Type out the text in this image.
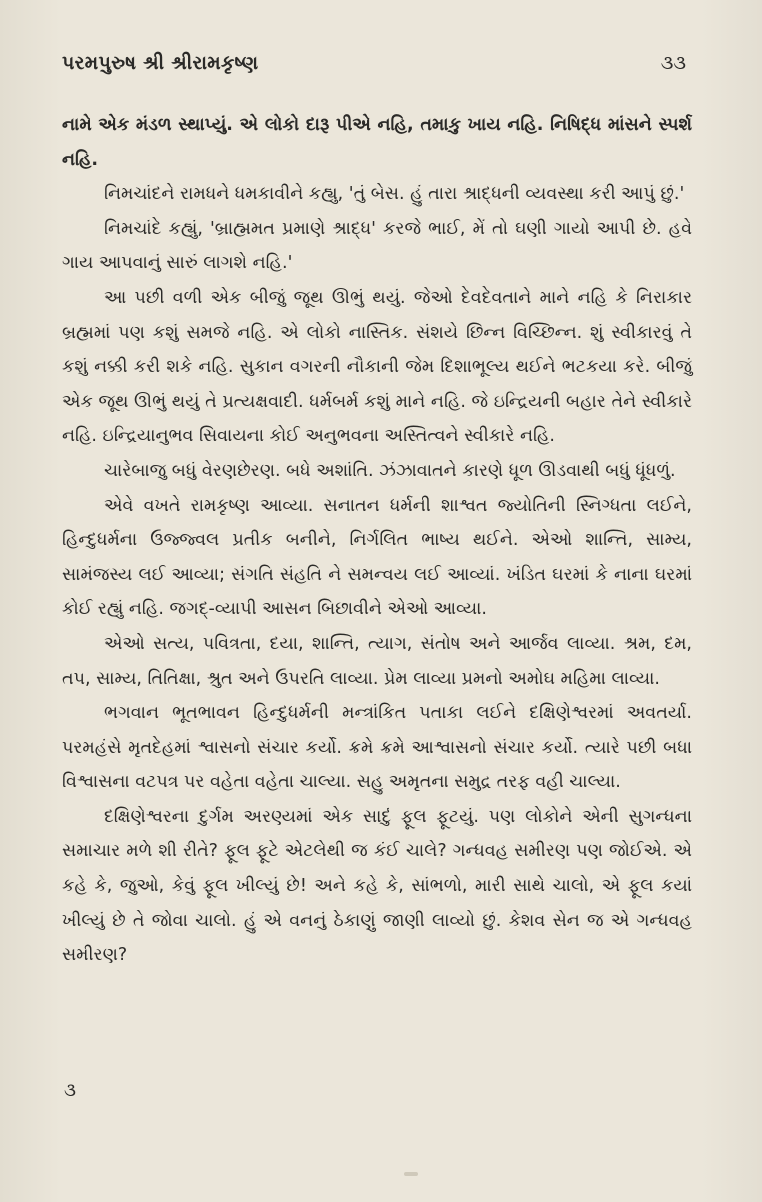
પરમપુરુષ શ્રી શ્રીરામકૃષ્ણ	૩૩

નામે એક મંડળ સ્થાપ્યું. એ લોકો દારૂ પીએ નહિ, તમાકુ ખાય નહિ. નિષિદ્ધ માંસને સ્પર્શ નહિ.

નિમચાંદને રામધને ધમકાવીને કહ્યુ, 'તું બેસ. હું તારા શ્રાદ્ધની વ્યવસ્થા કરી આપું છું.'

નિમચાંદે કહ્યું, 'બ્રાહ્મમત પ્રમાણે શ્રાદ્ધ' કરજે ભાઈ, મેં તો ઘણી ગાયો આપી છે. હવે ગાય આપવાનું સારું લાગશે નહિ.'

આ પછી વળી એક બીજું જૂથ ઊભું થયું. જેઓ દેવદેવતાને માને નહિ કે નિરાકાર બ્રહ્મમાં પણ કશું સમજે નહિ. એ લોકો નાસ્તિક. સંશયે છિન્ન વિચ્છિન્ન. શું સ્વીકારવું તે કશું નક્કી કરી શકે નહિ. સુકાન વગરની નૌકાની જેમ દિશાભૂલ્ય થઈને ભટકયા કરે. બીજું એક જૂથ ઊભું થયું તે પ્રત્યક્ષવાદી. ધર્મબર્મ કશું માને નહિ. જે ઇન્દ્રિયની બહાર તેને સ્વીકારે નહિ. ઇન્દ્રિયાનુભવ સિવાયના કોઈ અનુભવના અસ્તિત્વને સ્વીકારે નહિ.

ચારેબાજુ બધું વેરણછેરણ. બધે અશાંતિ. ઝંઝાવાતને કારણે ધૂળ ઊડવાથી બધું ધૂંધળું.

એવે વખતે રામકૃષ્ણ આવ્યા. સનાતન ધર્મની શાશ્વત જ્યોતિની સ્નિગ્ધતા લઈને, હિન્દુધર્મના ઉજ્જ્વલ પ્રતીક બનીને, નિર્ગલિત ભાષ્ય થઈને. એઓ શાન્તિ, સામ્ય, સામંજસ્ય લઈ આવ્યા; સંગતિ સંહતિ ને સમન્વય લઈ આવ્યાં. ખંડિત ઘરમાં કે નાના ઘરમાં કોઈ રહ્યું નહિ. જગદ્-વ્યાપી આસન બિછાવીને એઓ આવ્યા.

એઓ સત્ય, પવિત્રતા, દયા, શાન્તિ, ત્યાગ, સંતોષ અને આર્જવ લાવ્યા. શ્રમ, દમ, તપ, સામ્ય, તિતિક્ષા, શ્રુત અને ઉપરતિ લાવ્યા. પ્રેમ લાવ્યા પ્રમનો અમોઘ મહિમા લાવ્યા.

ભગવાન ભૂતભાવન હિન્દુધર્મની મન્ત્રાંકિત પતાકા લઈને દક્ષિણેશ્વરમાં અવતર્યા. પરમહંસે મૃતદેહમાં શ્વાસનો સંચાર કર્યો. ક્રમે ક્રમે આશ્વાસનો સંચાર કર્યો. ત્યારે પછી બધા વિશ્વાસના વટપત્ર પર વહેતા વહેતા ચાલ્યા. સહુ અમૃતના સમુદ્ર તરફ વહી ચાલ્યા.

દક્ષિણેશ્વરના દુર્ગમ અરણ્યમાં એક સાદું ફૂલ ફૂટયું. પણ લોકોને એની સુગન્ધના સમાચાર મળે શી રીતે? ફૂલ ફૂટે એટલેથી જ કંઈ ચાલે? ગન્ધવહ સમીરણ પણ જોઈએ. એ કહે કે, જુઓ, કેવું ફૂલ ખીલ્યું છે! અને કહે કે, સાંભળો, મારી સાથે ચાલો, એ ફૂલ કયાં ખીલ્યું છે તે જોવા ચાલો. હું એ વનનું ઠેકાણું જાણી લાવ્યો છું. કેશવ સેન જ એ ગન્ધવહ સમીરણ?

૩
